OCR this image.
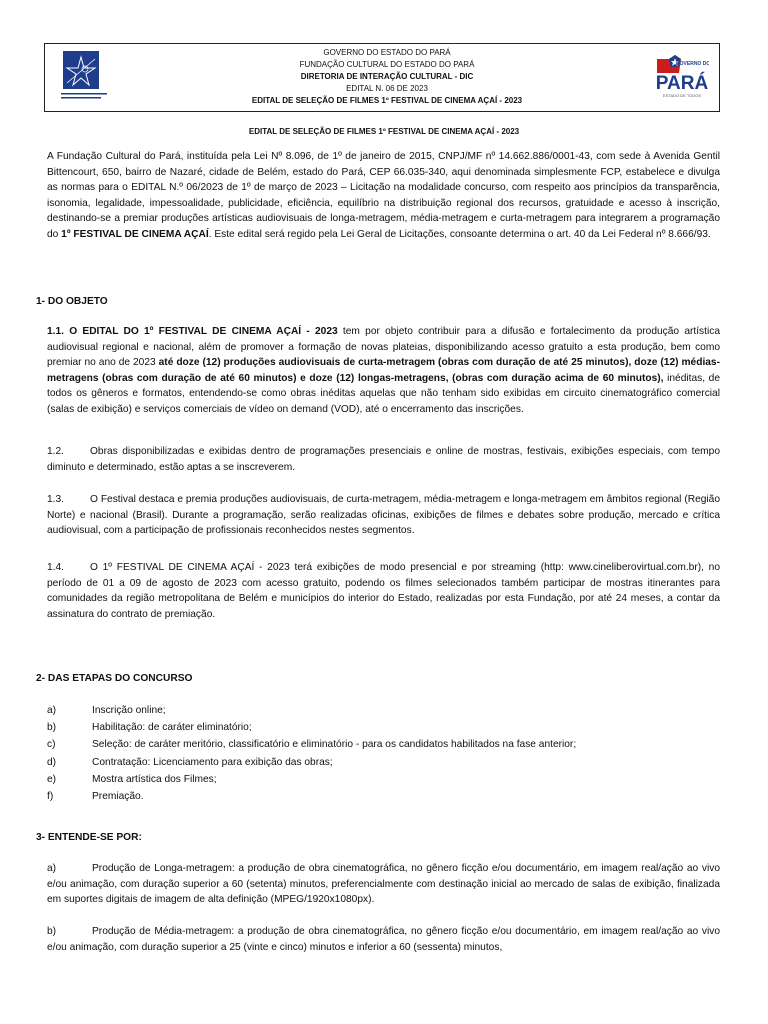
GOVERNO DO ESTADO DO PARÁ
FUNDAÇÃO CULTURAL DO ESTADO DO PARÁ
DIRETORIA DE INTERAÇÃO CULTURAL - DIC
EDITAL N. 06 DE 2023
EDITAL DE SELEÇÃO DE FILMES 1º FESTIVAL DE CINEMA AÇAÍ - 2023
GOVERNO DO
PARÁ
ESTADO DE TODOS
EDITAL DE SELEÇÃO DE FILMES 1º FESTIVAL DE CINEMA AÇAÍ - 2023

A Fundação Cultural do Pará, instituída pela Lei Nº 8.096, de 1º de janeiro de 2015, CNPJ/MF nº 14.662.886/0001-43, com sede à Avenida Gentil Bittencourt, 650, bairro de Nazaré, cidade de Belém, estado do Pará, CEP 66.035-340, aqui denominada simplesmente FCP, estabelece e divulga as normas para o EDITAL N.º 06/2023 de 1º de março de 2023 – Licitação na modalidade concurso, com respeito aos princípios da transparência, isonomia, legalidade, impessoalidade, publicidade, eficiência, equilíbrio na distribuição regional dos recursos, gratuidade e acesso à inscrição, destinando-se a premiar produções artísticas audiovisuais de longa-metragem, média-metragem e curta-metragem para integrarem a programação do 1º FESTIVAL DE CINEMA AÇAÍ. Este edital será regido pela Lei Geral de Licitações, consoante determina o art. 40 da Lei Federal nº 8.666/93.

1- DO OBJETO

1.1. O EDITAL DO 1º FESTIVAL DE CINEMA AÇAÍ - 2023 tem por objeto contribuir para a difusão e fortalecimento da produção artística audiovisual regional e nacional, além de promover a formação de novas plateias, disponibilizando acesso gratuito a esta produção, bem como premiar no ano de 2023 até doze (12) produções audiovisuais de curta-metragem (obras com duração de até 25 minutos), doze (12) médias-metragens (obras com duração de até 60 minutos) e doze (12) longas-metragens, (obras com duração acima de 60 minutos), inéditas, de todos os gêneros e formatos, entendendo-se como obras inéditas aquelas que não tenham sido exibidas em circuito cinematográfico comercial (salas de exibição) e serviços comerciais de vídeo on demand (VOD), até o encerramento das inscrições.

1.2.	Obras disponibilizadas e exibidas dentro de programações presenciais e online de mostras, festivais, exibições especiais, com tempo diminuto e determinado, estão aptas a se inscreverem.

1.3.	O Festival destaca e premia produções audiovisuais, de curta-metragem, média-metragem e longa-metragem em âmbitos regional (Região Norte) e nacional (Brasil). Durante a programação, serão realizadas oficinas, exibições de filmes e debates sobre produção, mercado e crítica audiovisual, com a participação de profissionais reconhecidos nestes segmentos.

1.4.	O 1º FESTIVAL DE CINEMA AÇAÍ - 2023 terá exibições de modo presencial e por streaming (http: www.cineliberovirtual.com.br), no período de 01 a 09 de agosto de 2023 com acesso gratuito, podendo os filmes selecionados também participar de mostras itinerantes para comunidades da região metropolitana de Belém e municípios do interior do Estado, realizadas por esta Fundação, por até 24 meses, a contar da assinatura do contrato de premiação.

2- DAS ETAPAS DO CONCURSO
a)	Inscrição online;
b)	Habilitação: de caráter eliminatório;
c)	Seleção: de caráter meritório, classificatório e eliminatório - para os candidatos habilitados na fase anterior;
d)	Contratação: Licenciamento para exibição das obras;
e)	Mostra artística dos Filmes;
f)	Premiação.
3- ENTENDE-SE POR:

a)	Produção de Longa-metragem: a produção de obra cinematográfica, no gênero ficção e/ou documentário, em imagem real/ação ao vivo e/ou animação, com duração superior a 60 (setenta) minutos, preferencialmente com destinação inicial ao mercado de salas de exibição, finalizada em suportes digitais de imagem de alta definição (MPEG/1920x1080px).

b)	Produção de Média-metragem: a produção de obra cinematográfica, no gênero ficção e/ou documentário, em imagem real/ação ao vivo e/ou animação, com duração superior a 25 (vinte e cinco) minutos e inferior a 60 (sessenta) minutos,
